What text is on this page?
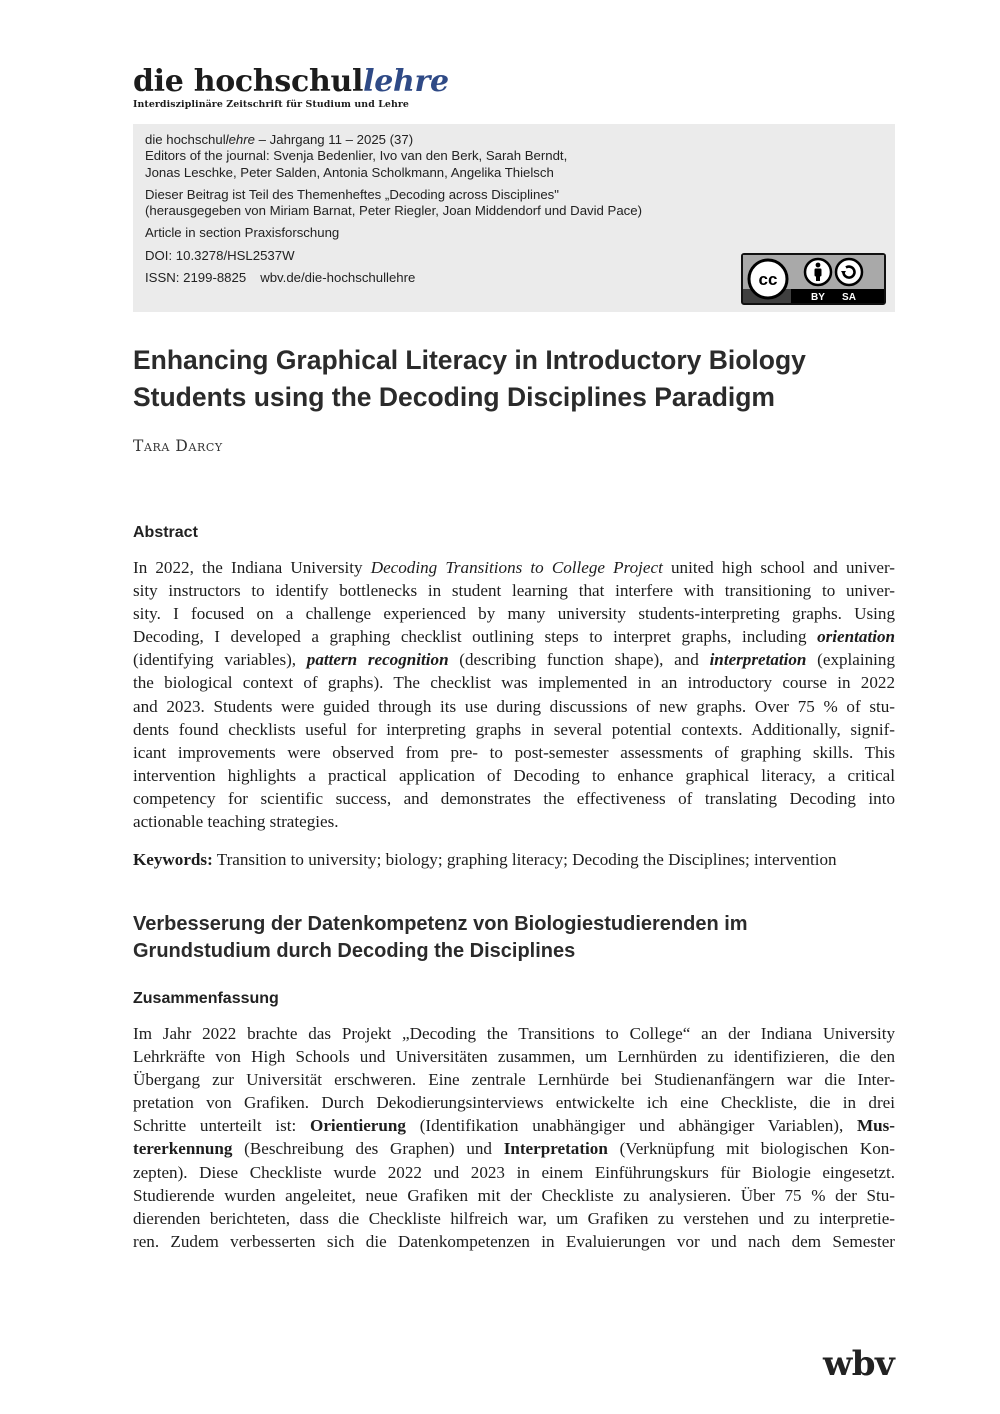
die hochschullehre
Interdisziplinäre Zeitschrift für Studium und Lehre
die hochschullehre – Jahrgang 11 – 2025 (37)
Editors of the journal: Svenja Bedenlier, Ivo van den Berk, Sarah Berndt,
Jonas Leschke, Peter Salden, Antonia Scholkmann, Angelika Thielsch
Dieser Beitrag ist Teil des Themenheftes „Decoding across Disciplines"
(herausgegeben von Miriam Barnat, Peter Riegler, Joan Middendorf und David Pace)
Article in section Praxisforschung
DOI: 10.3278/HSL2537W
ISSN: 2199-8825 wbv.de/die-hochschullehre	cc
BY SA
Enhancing Graphical Literacy in Introductory Biology
Students using the Decoding Disciplines Paradigm
Tara Darcy
Abstract
In 2022, the Indiana University Decoding Transitions to College Project united high school and univer-
sity instructors to identify bottlenecks in student learning that interfere with transitioning to univer-
sity. I focused on a challenge experienced by many university students-interpreting graphs. Using
Decoding, I developed a graphing checklist outlining steps to interpret graphs, including orientation
(identifying variables), pattern recognition (describing function shape), and interpretation (explaining
the biological context of graphs). The checklist was implemented in an introductory course in 2022
and 2023. Students were guided through its use during discussions of new graphs. Over 75 % of stu-
dents found checklists useful for interpreting graphs in several potential contexts. Additionally, signif-
icant improvements were observed from pre- to post-semester assessments of graphing skills. This
intervention highlights a practical application of Decoding to enhance graphical literacy, a critical
competency for scientific success, and demonstrates the effectiveness of translating Decoding into
actionable teaching strategies.
Keywords: Transition to university; biology; graphing literacy; Decoding the Disciplines; intervention
Verbesserung der Datenkompetenz von Biologiestudierenden im
Grundstudium durch Decoding the Disciplines
Zusammenfassung
Im Jahr 2022 brachte das Projekt „Decoding the Transitions to College“ an der Indiana University
Lehrkräfte von High Schools und Universitäten zusammen, um Lernhürden zu identifizieren, die den
Übergang zur Universität erschweren. Eine zentrale Lernhürde bei Studienanfängern war die Inter-
pretation von Grafiken. Durch Dekodierungsinterviews entwickelte ich eine Checkliste, die in drei
Schritte unterteilt ist: Orientierung (Identifikation unabhängiger und abhängiger Variablen), Mus-
tererkennung (Beschreibung des Graphen) und Interpretation (Verknüpfung mit biologischen Kon-
zepten). Diese Checkliste wurde 2022 und 2023 in einem Einführungskurs für Biologie eingesetzt.
Studierende wurden angeleitet, neue Grafiken mit der Checkliste zu analysieren. Über 75 % der Stu-
dierenden berichteten, dass die Checkliste hilfreich war, um Grafiken zu verstehen und zu interpretie-
ren. Zudem verbesserten sich die Datenkompetenzen in Evaluierungen vor und nach dem Semester
wbv
